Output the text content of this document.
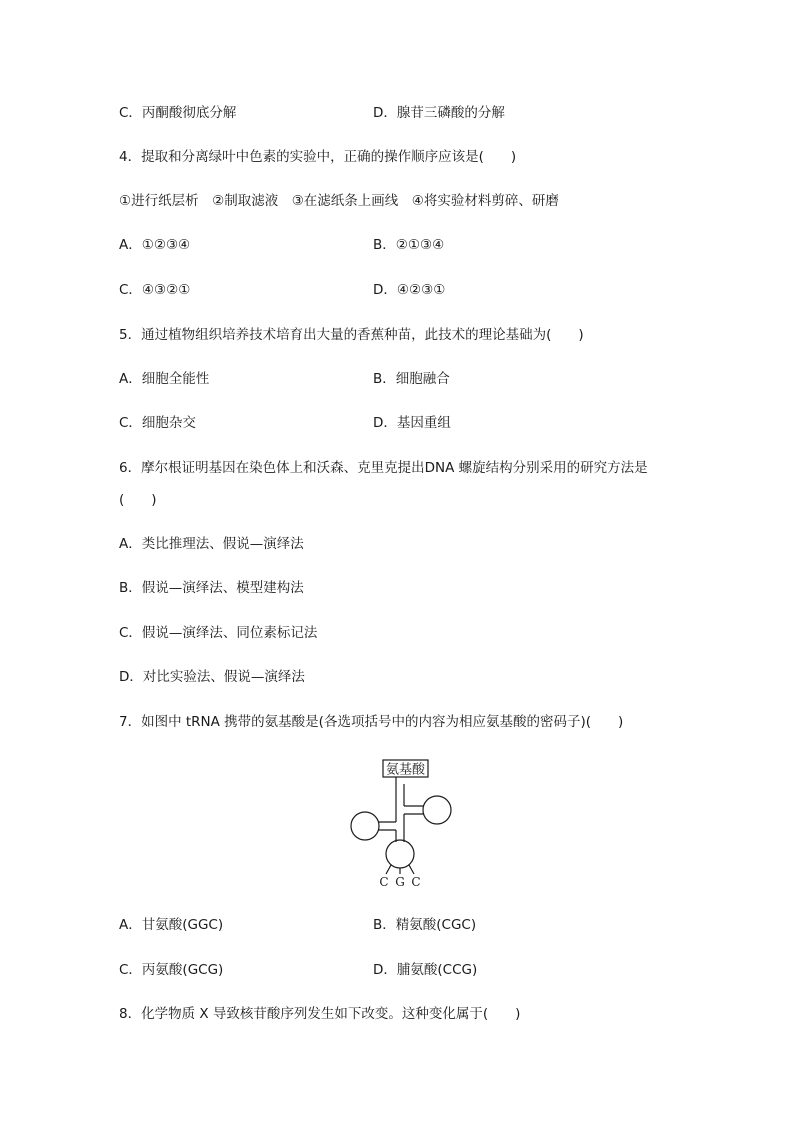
C．丙酮酸彻底分解	D．腺苷三磷酸的分解
4．提取和分离绿叶中色素的实验中，正确的操作顺序应该是(　　)
①进行纸层析　②制取滤液　③在滤纸条上画线　④将实验材料剪碎、研磨
A．①②③④	B．②①③④
C．④③②①	D．④②③①
5．通过植物组织培养技术培育出大量的香蕉种苗，此技术的理论基础为(　　)
A．细胞全能性	B．细胞融合
C．细胞杂交	D．基因重组
6．摩尔根证明基因在染色体上和沃森、克里克提出DNA 螺旋结构分别采用的研究方法是
(　　)
A．类比推理法、假说—演绎法
B．假说—演绎法、模型建构法
C．假说—演绎法、同位素标记法
D．对比实验法、假说—演绎法
7．如图中 tRNA 携带的氨基酸是(各选项括号中的内容为相应氨基酸的密码子)(　　)
氨基酸
C G C
A．甘氨酸(GGC)	B．精氨酸(CGC)
C．丙氨酸(GCG)	D．脯氨酸(CCG)
8．化学物质 X 导致核苷酸序列发生如下改变。这种变化属于(　　)
